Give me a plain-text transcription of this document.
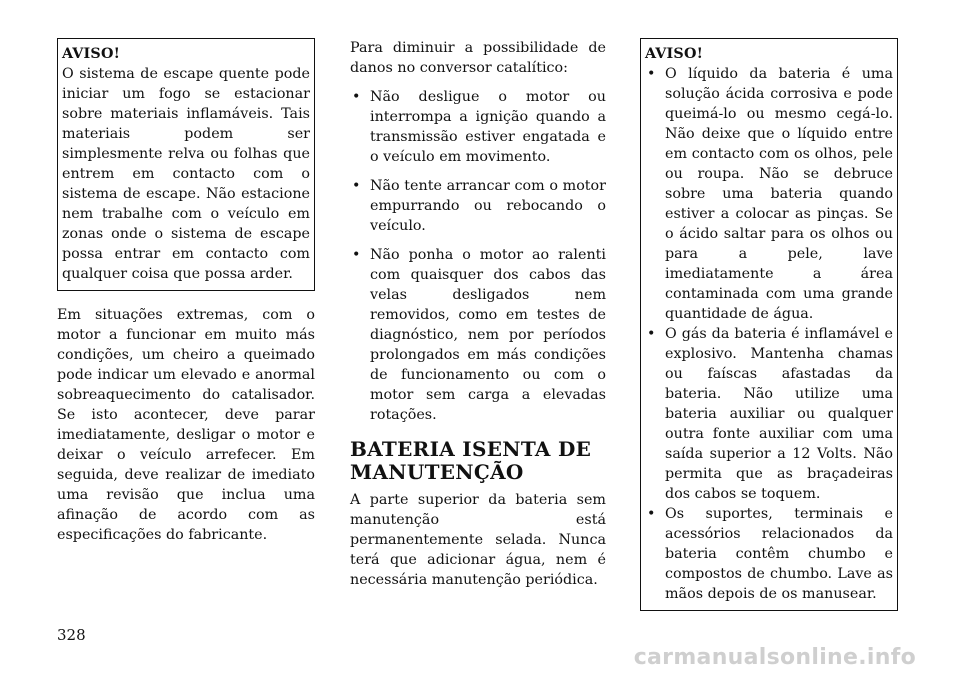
AVISO!

O sistema de escape quente pode iniciar um fogo se estacionar sobre materiais inflamáveis. Tais materiais podem ser simplesmente relva ou folhas que entrem em contacto com o sistema de escape. Não estacione nem trabalhe com o veículo em zonas onde o sistema de escape possa entrar em contacto com qualquer coisa que possa arder.

Em situações extremas, com o motor a funcionar em muito más condições, um cheiro a queimado pode indicar um elevado e anormal sobreaquecimento do catalisador. Se isto acontecer, deve parar imediatamente, desligar o motor e deixar o veículo arrefecer. Em seguida, deve realizar de imediato uma revisão que inclua uma afinação de acordo com as especificações do fabricante.

Para diminuir a possibilidade de danos no conversor catalítico:

• Não desligue o motor ou interrompa a ignição quando a transmissão estiver engatada e o veículo em movimento.
• Não tente arrancar com o motor empurrando ou rebocando o veículo.
• Não ponha o motor ao ralenti com quaisquer dos cabos das velas desligados nem removidos, como em testes de diagnóstico, nem por períodos prolongados em más condições de funcionamento ou com o motor sem carga a elevadas rotações.
BATERIA ISENTA DE MANUTENÇÃO

A parte superior da bateria sem manutenção está permanentemente selada. Nunca terá que adicionar água, nem é necessária manutenção periódica.

AVISO!
• O líquido da bateria é uma solução ácida corrosiva e pode queimá-lo ou mesmo cegá-lo. Não deixe que o líquido entre em contacto com os olhos, pele ou roupa. Não se debruce sobre uma bateria quando estiver a colocar as pinças. Se o ácido saltar para os olhos ou para a pele, lave imediatamente a área contaminada com uma grande quantidade de água.
• O gás da bateria é inflamável e explosivo. Mantenha chamas ou faíscas afastadas da bateria. Não utilize uma bateria auxiliar ou qualquer outra fonte auxiliar com uma saída superior a 12 Volts. Não permita que as braçadeiras dos cabos se toquem.
• Os suportes, terminais e acessórios relacionados da bateria contêm chumbo e compostos de chumbo. Lave as mãos depois de os manusear.
328
carmanualsonline.info
